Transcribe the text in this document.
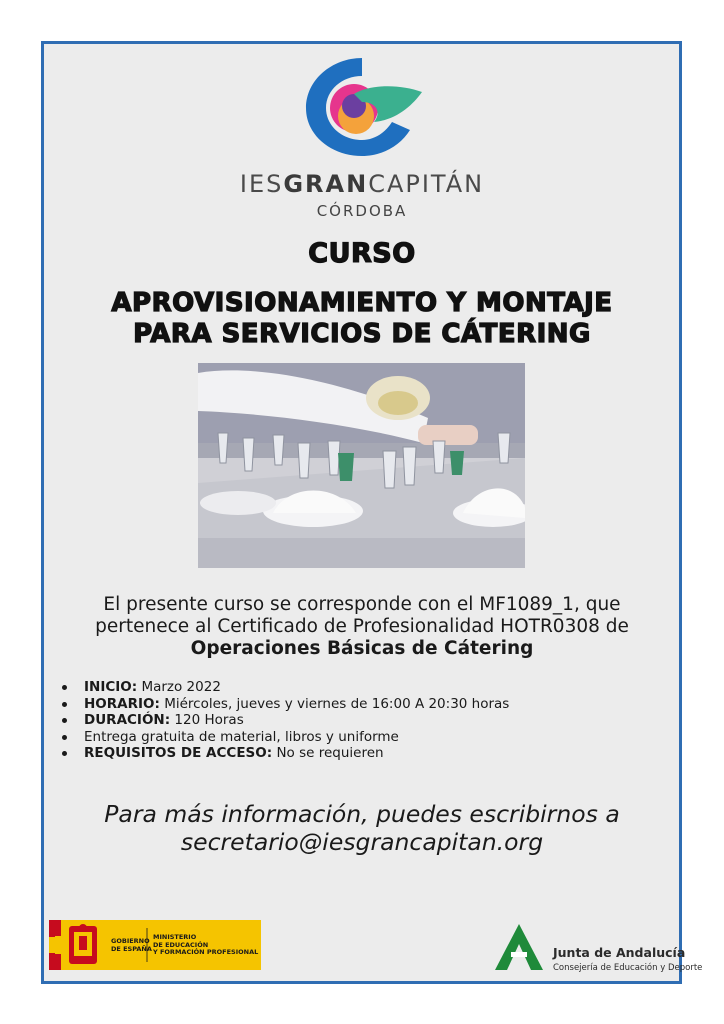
IESGRANCAPITÁN
CÓRDOBA
CURSO
APROVISIONAMIENTO Y MONTAJE
PARA SERVICIOS DE CÁTERING
El presente curso se corresponde con el MF1089_1, que
pertenece al Certificado de Profesionalidad HOTR0308 de
Operaciones Básicas de Cátering
INICIO: Marzo 2022
HORARIO: Miércoles, jueves y viernes de 16:00 A 20:30 horas
DURACIÓN: 120 Horas
Entrega gratuita de material, libros y uniforme
REQUISITOS DE ACCESO: No se requieren
Para más información, puedes escribirnos a
secretario@iesgrancapitan.org
GOBIERNO
DE ESPAÑA
MINISTERIO
DE EDUCACIÓN
Y FORMACIÓN PROFESIONAL	Junta de Andalucía
Consejería de Educación y Deporte
